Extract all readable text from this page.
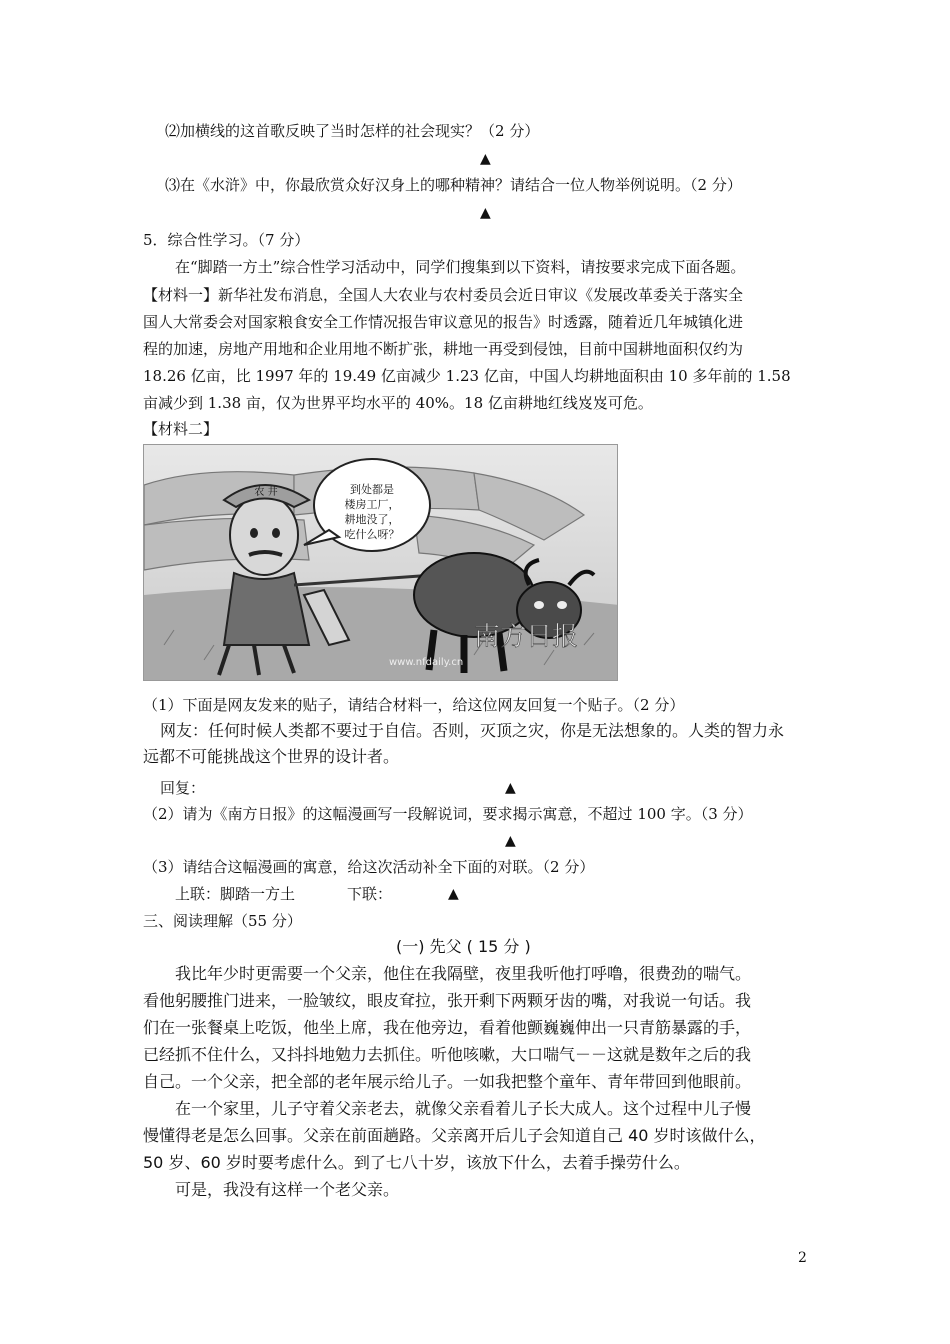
⑵加横线的这首歌反映了当时怎样的社会现实？（2 分）
▲
⑶在《水浒》中，你最欣赏众好汉身上的哪种精神？请结合一位人物举例说明。（2 分）
▲
5．综合性学习。（7 分）
在“脚踏一方土”综合性学习活动中，同学们搜集到以下资料，请按要求完成下面各题。
【材料一】新华社发布消息，全国人大农业与农村委员会近日审议《发展改革委关于落实全
国人大常委会对国家粮食安全工作情况报告审议意见的报告》时透露，随着近几年城镇化进
程的加速，房地产用地和企业用地不断扩张，耕地一再受到侵蚀，目前中国耕地面积仅约为
18.26 亿亩，比 1997 年的 19.49 亿亩减少 1.23 亿亩，中国人均耕地面积由 10 多年前的 1.58
亩减少到 1.38 亩，仅为世界平均水平的 40%。18 亿亩耕地红线岌岌可危。
【材料二】
到处都是
楼房工厂，
耕地没了，
吃什么呀？
农 井
南方日报
www.nfdaily.cn
（1）下面是网友发来的贴子，请结合材料一，给这位网友回复一个贴子。（2 分）
网友：任何时候人类都不要过于自信。否则，灭顶之灾，你是无法想象的。人类的智力永
远都不可能挑战这个世界的设计者。
回复：	▲
（2）请为《南方日报》的这幅漫画写一段解说词，要求揭示寓意，不超过 100 字。（3 分）
▲
（3）请结合这幅漫画的寓意，给这次活动补全下面的对联。（2 分）
上联：脚踏一方土	下联：	▲
三、阅读理解（55 分）
(一) 先父 ( 15 分 )
我比年少时更需要一个父亲，他住在我隔壁，夜里我听他打呼噜，很费劲的喘气。
看他躬腰推门进来，一脸皱纹，眼皮耷拉，张开剩下两颗牙齿的嘴，对我说一句话。我
们在一张餐桌上吃饭，他坐上席，我在他旁边，看着他颤巍巍伸出一只青筋暴露的手，
已经抓不住什么，又抖抖地勉力去抓住。听他咳嗽，大口喘气－－这就是数年之后的我
自己。一个父亲，把全部的老年展示给儿子。一如我把整个童年、青年带回到他眼前。
在一个家里，儿子守着父亲老去，就像父亲看着儿子长大成人。这个过程中儿子慢
慢懂得老是怎么回事。父亲在前面趟路。父亲离开后儿子会知道自己 40 岁时该做什么，
50 岁、60 岁时要考虑什么。到了七八十岁，该放下什么，去着手操劳什么。
可是，我没有这样一个老父亲。
2
